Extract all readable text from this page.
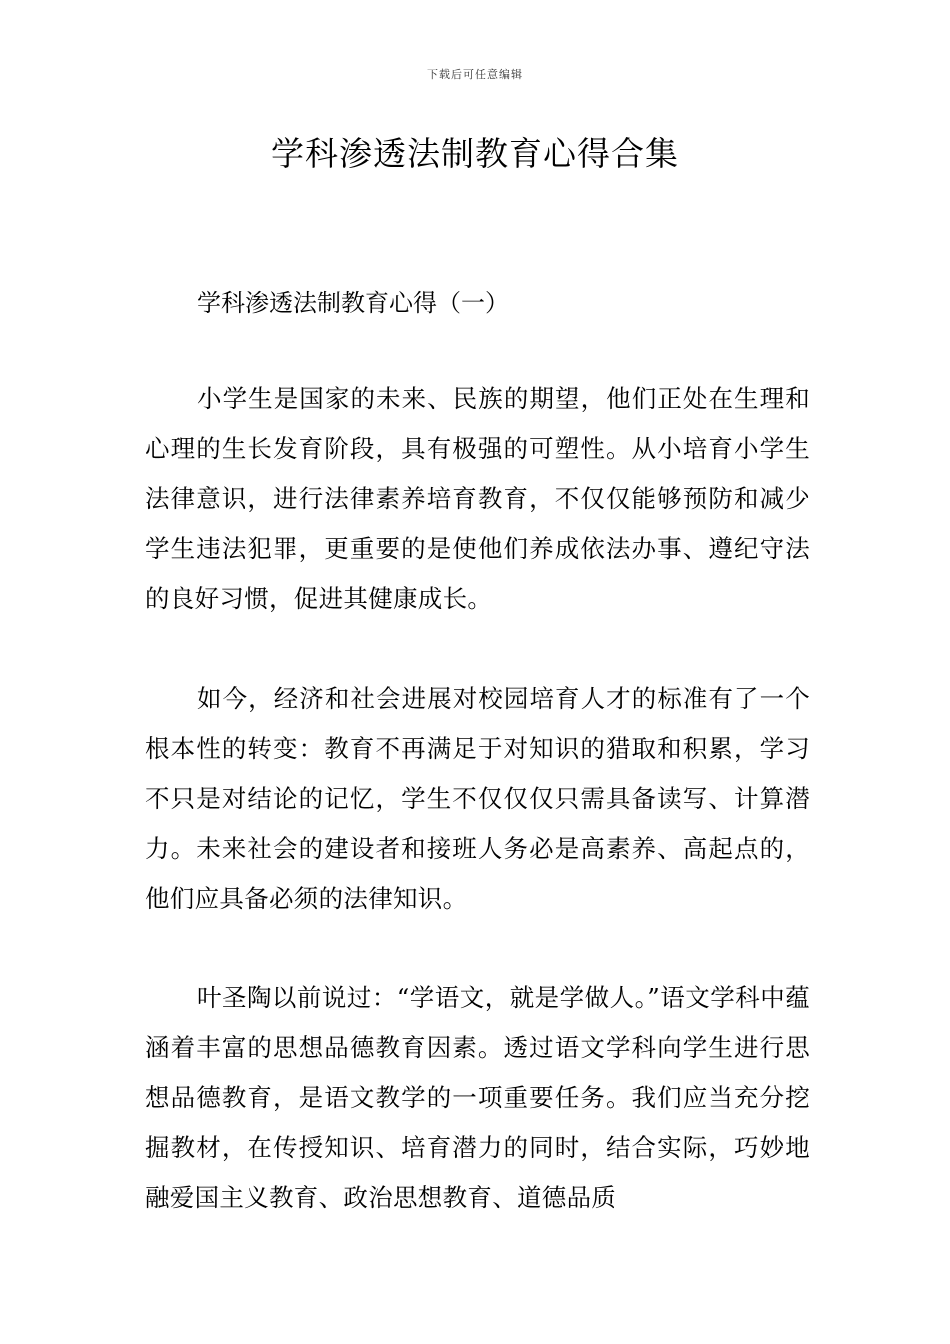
下载后可任意编辑
学科渗透法制教育心得合集
学科渗透法制教育心得（一）

小学生是国家的未来、民族的期望，他们正处在生理和心理的生长发育阶段，具有极强的可塑性。从小培育小学生法律意识，进行法律素养培育教育，不仅仅能够预防和减少学生违法犯罪，更重要的是使他们养成依法办事、遵纪守法的良好习惯，促进其健康成长。

如今，经济和社会进展对校园培育人才的标准有了一个根本性的转变：教育不再满足于对知识的猎取和积累，学习不只是对结论的记忆，学生不仅仅仅只需具备读写、计算潜力。未来社会的建设者和接班人务必是高素养、高起点的，他们应具备必须的法律知识。

叶圣陶以前说过：“学语文，就是学做人。”语文学科中蕴涵着丰富的思想品德教育因素。透过语文学科向学生进行思想品德教育，是语文教学的一项重要任务。我们应当充分挖掘教材，在传授知识、培育潜力的同时，结合实际，巧妙地融爱国主义教育、政治思想教育、道德品质
